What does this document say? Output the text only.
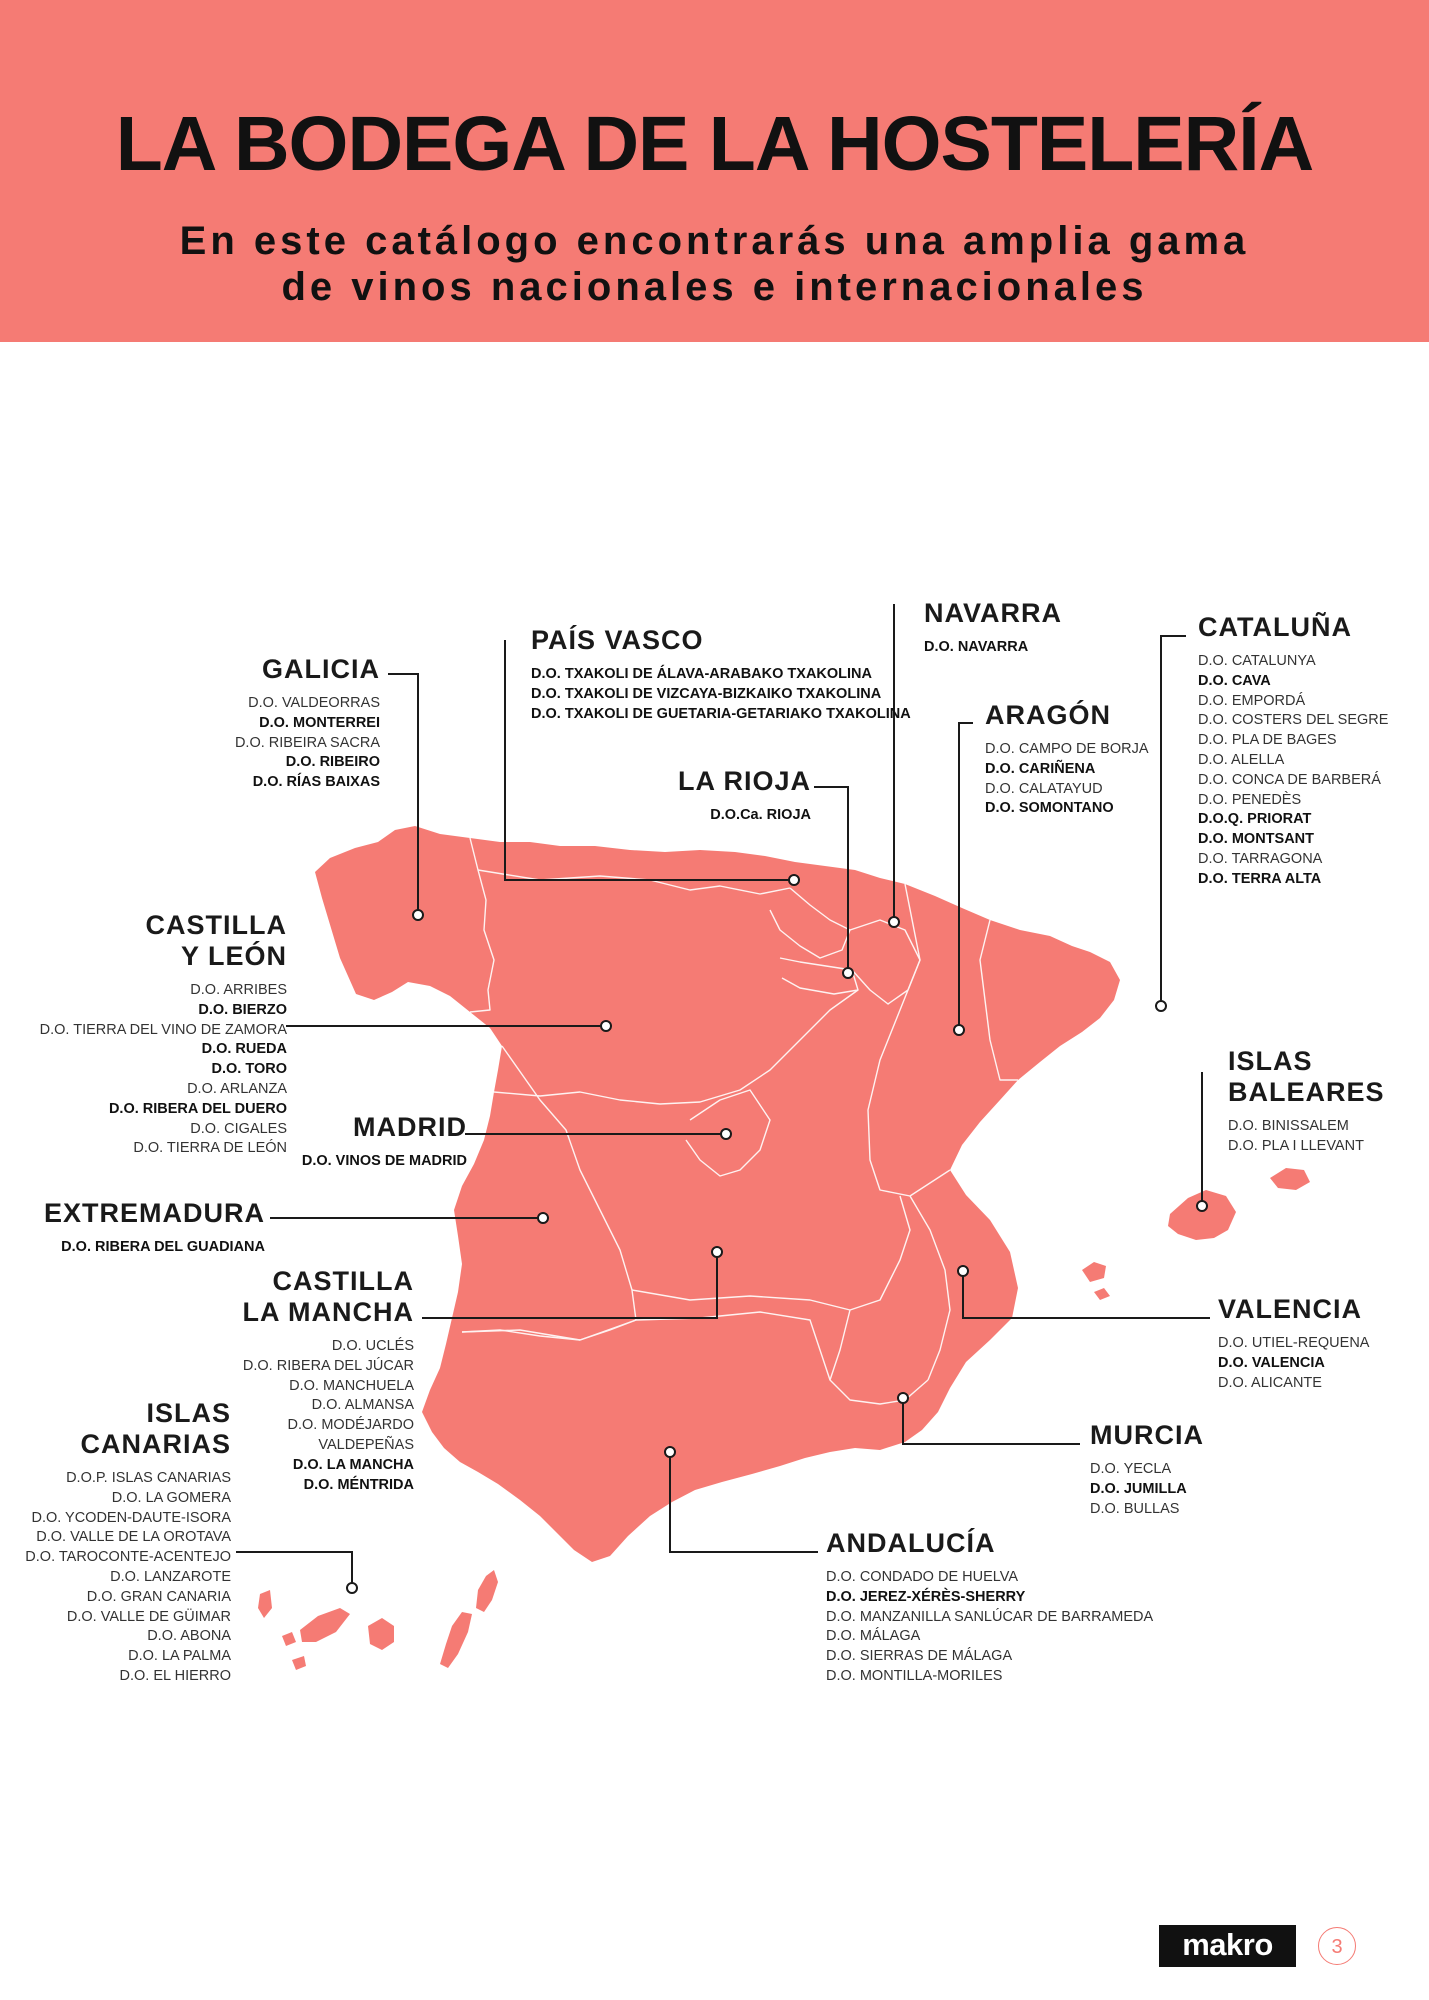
LA BODEGA DE LA HOSTELERÍA
En este catálogo encontrarás una amplia gama
de vinos nacionales e internacionales
GALICIA
D.O. VALDEORRAS
D.O. MONTERREI
D.O. RIBEIRA SACRA
D.O. RIBEIRO
D.O. RÍAS BAIXAS
PAÍS VASCO
D.O. TXAKOLI DE ÁLAVA-ARABAKO TXAKOLINA
D.O. TXAKOLI DE VIZCAYA-BIZKAIKO TXAKOLINA
D.O. TXAKOLI DE GUETARIA-GETARIAKO TXAKOLINA
NAVARRA
D.O. NAVARRA
LA RIOJA
D.O.Ca. RIOJA
ARAGÓN
D.O. CAMPO DE BORJA
D.O. CARIÑENA
D.O. CALATAYUD
D.O. SOMONTANO
CATALUÑA
D.O. CATALUNYA
D.O. CAVA
D.O. EMPORDÁ
D.O. COSTERS DEL SEGRE
D.O. PLA DE BAGES
D.O. ALELLA
D.O. CONCA DE BARBERÁ
D.O. PENEDÈS
D.O.Q. PRIORAT
D.O. MONTSANT
D.O. TARRAGONA
D.O. TERRA ALTA
CASTILLA
Y LEÓN
D.O. ARRIBES
D.O. BIERZO
D.O. TIERRA DEL VINO DE ZAMORA
D.O. RUEDA
D.O. TORO
D.O. ARLANZA
D.O. RIBERA DEL DUERO
D.O. CIGALES
D.O. TIERRA DE LEÓN
MADRID
D.O. VINOS DE MADRID
EXTREMADURA
D.O. RIBERA DEL GUADIANA
CASTILLA
LA MANCHA
D.O. UCLÉS
D.O. RIBERA DEL JÚCAR
D.O. MANCHUELA
D.O. ALMANSA
D.O. MODÉJARDO
VALDEPEÑAS
D.O. LA MANCHA
D.O. MÉNTRIDA
ISLAS
BALEARES
D.O. BINISSALEM
D.O. PLA I LLEVANT
VALENCIA
D.O. UTIEL-REQUENA
D.O. VALENCIA
D.O. ALICANTE
MURCIA
D.O. YECLA
D.O. JUMILLA
D.O. BULLAS
ISLAS
CANARIAS
D.O.P. ISLAS CANARIAS
D.O. LA GOMERA
D.O. YCODEN-DAUTE-ISORA
D.O. VALLE DE LA OROTAVA
D.O. TAROCONTE-ACENTEJO
D.O. LANZAROTE
D.O. GRAN CANARIA
D.O. VALLE DE GÜIMAR
D.O. ABONA
D.O. LA PALMA
D.O. EL HIERRO
ANDALUCÍA
D.O. CONDADO DE HUELVA
D.O. JEREZ-XÉRÈS-SHERRY
D.O. MANZANILLA SANLÚCAR DE BARRAMEDA
D.O. MÁLAGA
D.O. SIERRAS DE MÁLAGA
D.O. MONTILLA-MORILES
makro	3
